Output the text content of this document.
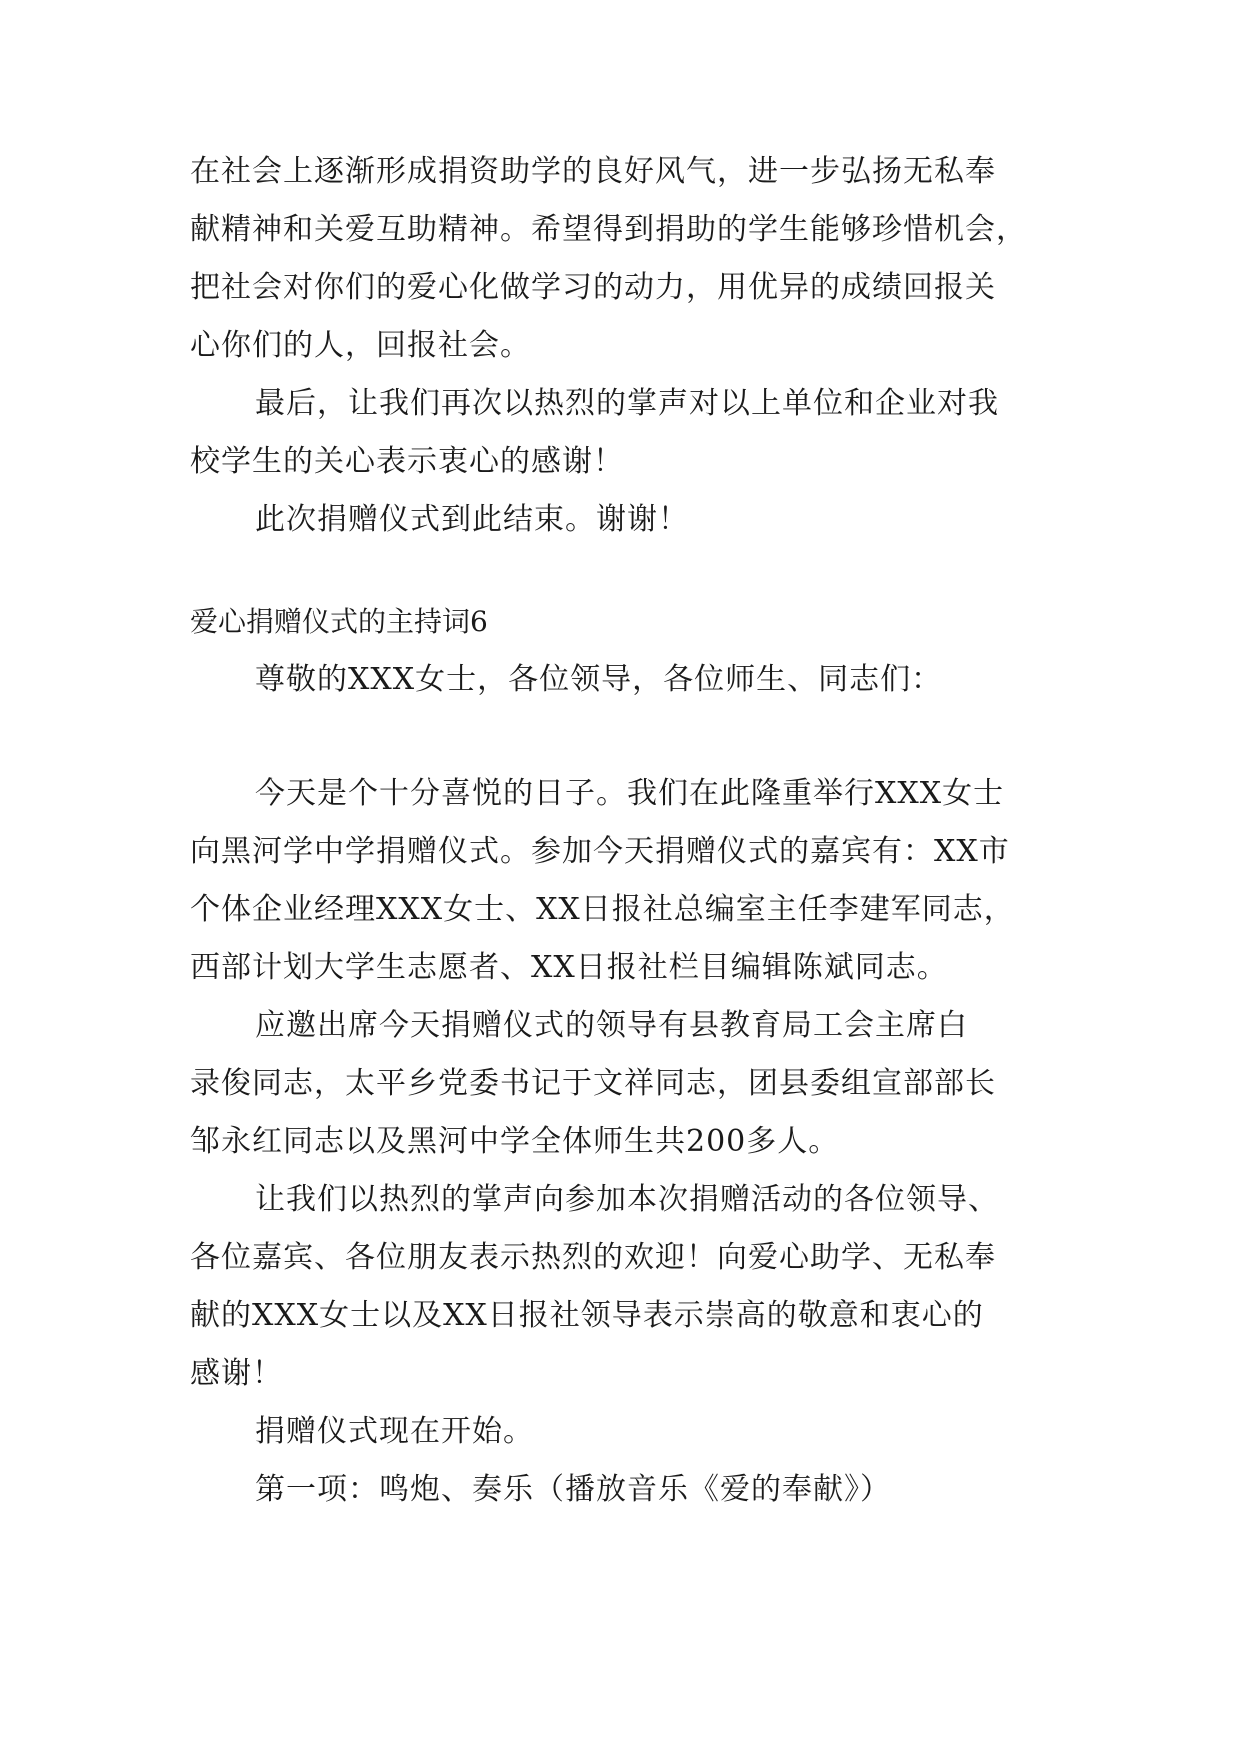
在社会上逐渐形成捐资助学的良好风气，进一步弘扬无私奉
献精神和关爱互助精神。希望得到捐助的学生能够珍惜机会，
把社会对你们的爱心化做学习的动力，用优异的成绩回报关
心你们的人，回报社会。
最后，让我们再次以热烈的掌声对以上单位和企业对我
校学生的关心表示衷心的感谢！
此次捐赠仪式到此结束。谢谢！
爱心捐赠仪式的主持词6
尊敬的XXX女士，各位领导，各位师生、同志们：
今天是个十分喜悦的日子。我们在此隆重举行XXX女士
向黑河学中学捐赠仪式。参加今天捐赠仪式的嘉宾有：XX市
个体企业经理XXX女士、XX日报社总编室主任李建军同志，
西部计划大学生志愿者、XX日报社栏目编辑陈斌同志。
应邀出席今天捐赠仪式的领导有县教育局工会主席白
录俊同志，太平乡党委书记于文祥同志，团县委组宣部部长
邹永红同志以及黑河中学全体师生共200多人。
让我们以热烈的掌声向参加本次捐赠活动的各位领导、
各位嘉宾、各位朋友表示热烈的欢迎！向爱心助学、无私奉
献的XXX女士以及XX日报社领导表示崇高的敬意和衷心的
感谢！
捐赠仪式现在开始。
第一项：鸣炮、奏乐（播放音乐《爱的奉献》）
